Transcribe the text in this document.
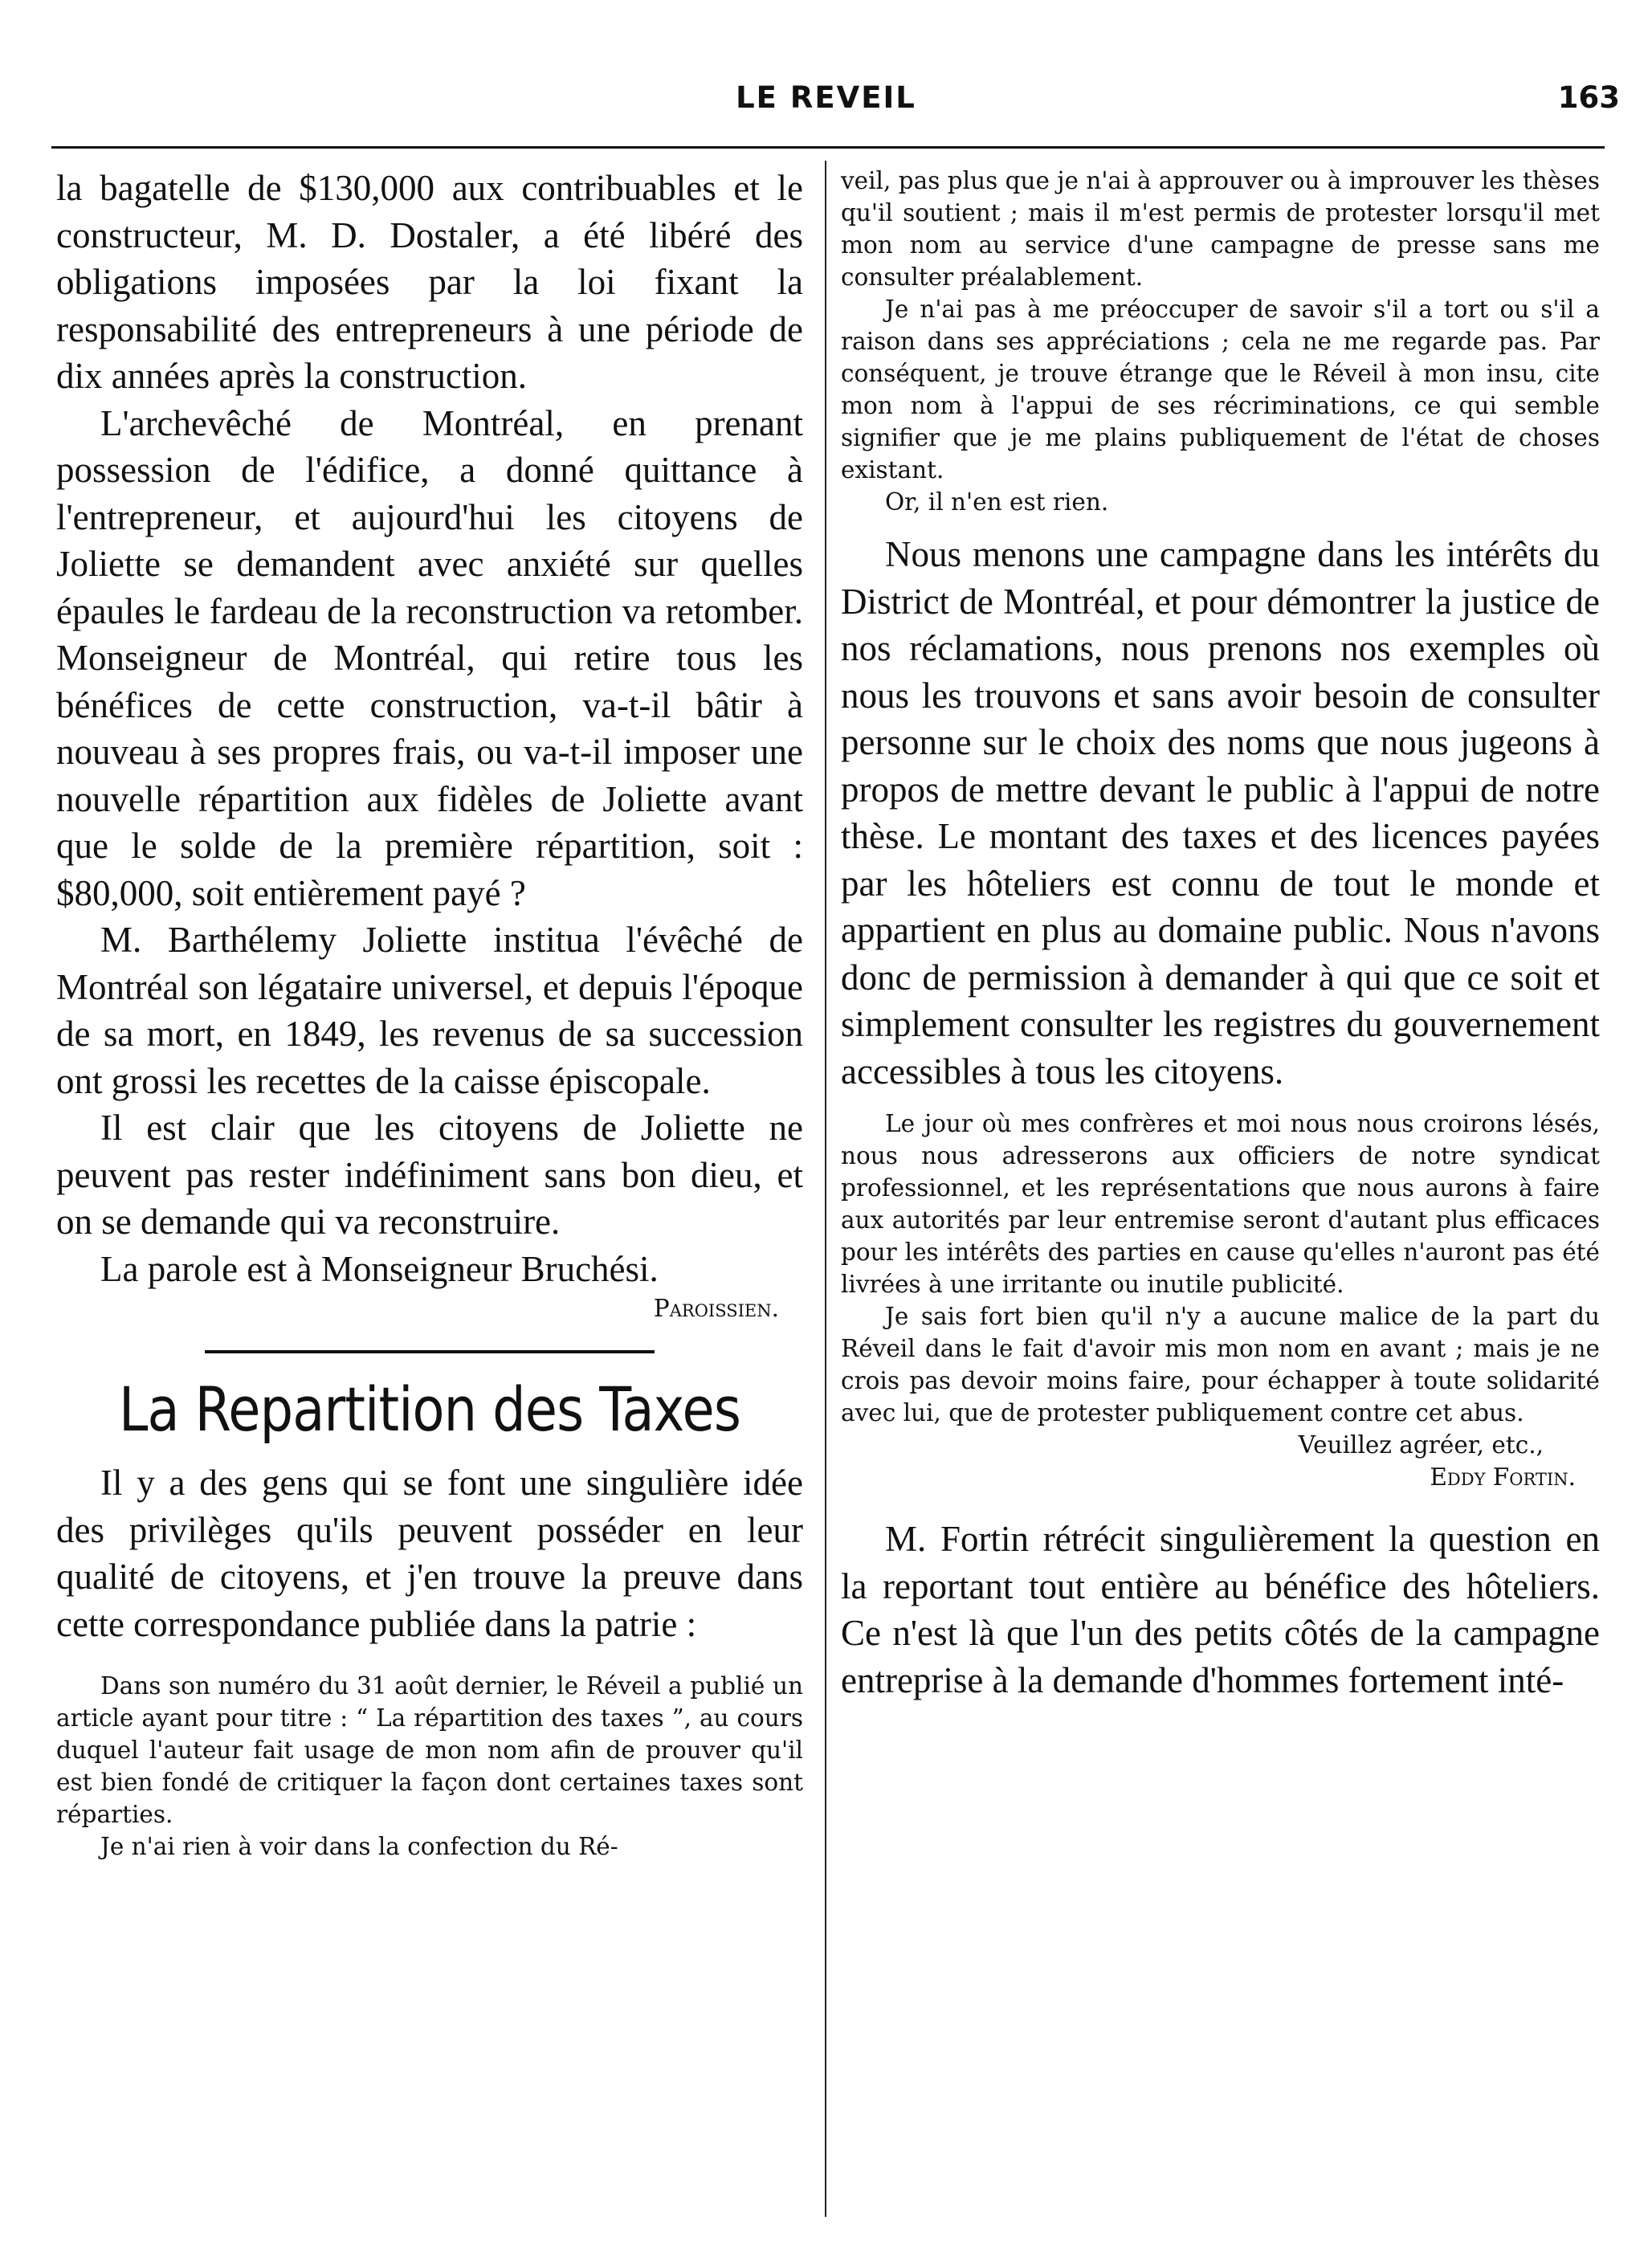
LE REVEIL	163

la bagatelle de $130,000 aux contribuables et le constructeur, M. D. Dostaler, a été libéré des obligations imposées par la loi fixant la responsabilité des entrepreneurs à une période de dix années après la construction.

L'archevêché de Montréal, en prenant possession de l'édifice, a donné quittance à l'entrepreneur, et aujourd'hui les citoyens de Joliette se demandent avec anxiété sur quelles épaules le fardeau de la reconstruction va retomber. Monseigneur de Montréal, qui retire tous les bénéfices de cette construction, va-t-il bâtir à nouveau à ses propres frais, ou va-t-il imposer une nouvelle répartition aux fidèles de Joliette avant que le solde de la première répartition, soit : $80,000, soit entièrement payé ?

M. Barthélemy Joliette institua l'évêché de Montréal son légataire universel, et depuis l'époque de sa mort, en 1849, les revenus de sa succession ont grossi les recettes de la caisse épiscopale.

Il est clair que les citoyens de Joliette ne peuvent pas rester indéfiniment sans bon dieu, et on se demande qui va reconstruire.

La parole est à Monseigneur Bruchési.

Paroissien.

La Repartition des Taxes

Il y a des gens qui se font une singulière idée des privilèges qu'ils peuvent posséder en leur qualité de citoyens, et j'en trouve la preuve dans cette correspondance publiée dans la patrie :

Dans son numéro du 31 août dernier, le Réveil a publié un article ayant pour titre : “ La répartition des taxes ”, au cours duquel l'auteur fait usage de mon nom afin de prouver qu'il est bien fondé de critiquer la façon dont certaines taxes sont réparties.

Je n'ai rien à voir dans la confection du Ré-

veil, pas plus que je n'ai à approuver ou à improuver les thèses qu'il soutient ; mais il m'est permis de protester lorsqu'il met mon nom au service d'une campagne de presse sans me consulter préalablement.

Je n'ai pas à me préoccuper de savoir s'il a tort ou s'il a raison dans ses appréciations ; cela ne me regarde pas. Par conséquent, je trouve étrange que le Réveil à mon insu, cite mon nom à l'appui de ses récriminations, ce qui semble signifier que je me plains publiquement de l'état de choses existant.

Or, il n'en est rien.

Nous menons une campagne dans les intérêts du District de Montréal, et pour démontrer la justice de nos réclamations, nous prenons nos exemples où nous les trouvons et sans avoir besoin de consulter personne sur le choix des noms que nous jugeons à propos de mettre devant le public à l'appui de notre thèse. Le montant des taxes et des licences payées par les hôteliers est connu de tout le monde et appartient en plus au domaine public. Nous n'avons donc de permission à demander à qui que ce soit et simplement consulter les registres du gouvernement accessibles à tous les citoyens.

Le jour où mes confrères et moi nous nous croirons lésés, nous nous adresserons aux officiers de notre syndicat professionnel, et les représentations que nous aurons à faire aux autorités par leur entremise seront d'autant plus efficaces pour les intérêts des parties en cause qu'elles n'auront pas été livrées à une irritante ou inutile publicité.

Je sais fort bien qu'il n'y a aucune malice de la part du Réveil dans le fait d'avoir mis mon nom en avant ; mais je ne crois pas devoir moins faire, pour échapper à toute solidarité avec lui, que de protester publiquement contre cet abus.

Veuillez agréer, etc.,

Eddy Fortin.

M. Fortin rétrécit singulièrement la question en la reportant tout entière au bénéfice des hôteliers. Ce n'est là que l'un des petits côtés de la campagne entreprise à la demande d'hommes fortement inté-
